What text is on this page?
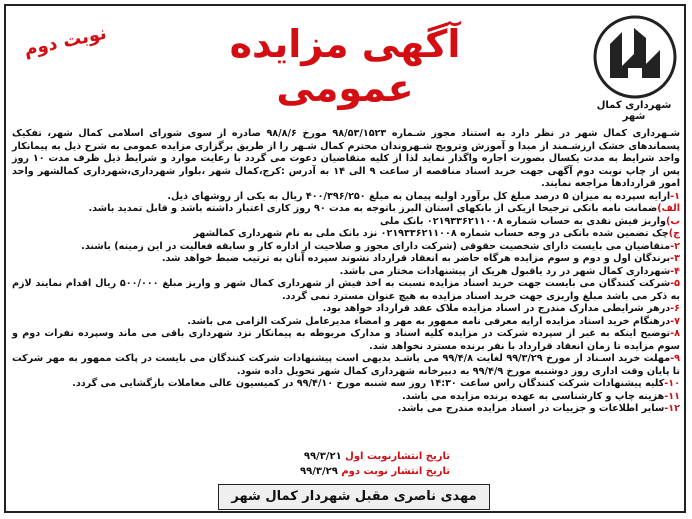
شهرداری کمال شهر
آگهی مزایده عمومی
نوبت دوم

شـهرداری کمال شهر در نظر دارد به استناد مجوز شـماره ۹۸/۵۳/۱۵۲۳ مورخ ۹۸/۸/۶ صادره از سوی شورای اسلامی کمال شهر، تفکیک پسماندهای خشک ارزشـمند از مبدا و آموزش وترویج شـهروندان محترم کمال شـهر را از طریق برگزاری مزایده عمومی به شرح ذیل به پیمانکار واجد شرایط به مدت یکسال بصورت اجاره واگذار نماید لذا از کلیه متقاضیان دعوت می گردد با رعایت موارد و شرایط ذیل ظرف مدت ۱۰ روز پس از چاپ نوبت دوم آگهی جهت خرید اسناد مناقصه از ساعت ۹ الی ۱۴ به آدرس :کرج،کمال شهر ،بلوار شهرداری،شهرداری کمالشهر واحد امور قراردادها مراجعه نمایند.

۱-ارایه سپرده به میزان ۵ درصد مبلغ کل برآورد اولیه پیمان به مبلغ ۴۰۰/۳۹۶/۲۵۰ ریال به یکی از روشهای ذیل.
الف)ضمانت نامه بانکی ترجیحا ازیکی از بانکهای استان البرز باتوجه به مدت ۹۰ روز کاری اعتبار داشته باشد و قابل تمدید باشد.
ب)واریز فیش نقدی به حساب شماره ۰۲۱۹۳۳۶۲۱۱۰۰۸ بانک ملی
ج)چک تضمین شده بانکی در وجه حساب شماره ۰۲۱۹۳۳۶۲۱۱۰۰۸ نزد بانک ملی به نام شهرداری کمالشهر
۲-متقاضیان می بایست دارای شخصیت حقوقی (شرکت دارای مجوز و صلاحیت از اداره کار و سابقه فعالیت در این زمینه) باشند.
۳-برندگان اول و دوم و سوم مزایده هرگاه حاضر به انعقاد قرارداد نشوند سپرده آنان به ترتیب ضبط خواهد شد.
۴-شهرداری کمال شهر در رد یاقبول هریک از پیشنهادات مختار می باشد.
۵-شرکت کنندگان می بایست جهت خرید اسناد مزایده نسبت به اخذ فیش از شهرداری کمال شهر و واریز مبلغ ۵۰۰/۰۰۰ ریال اقدام نمایند لازم به ذکر می باشد مبلغ واریزی جهت خرید اسناد مزایده به هیچ عنوان مسترد نمی گردد.
۶-درهر شرایطی مدارک مندرج در اسناد مزایده ملاک عقد قرارداد خواهد بود.
۷-درهنگام خرید اسناد مزایده ارایه معرفی نامه ممهور به مهر و امضاء مدیرعامل شرکت الزامی می باشد.
۸-توضیح اینکه به غیر از سپرده شرکت در مزایده کلیه اسناد و مدارک مربوطه به پیمانکار نزد شهرداری باقی می ماند وسپرده نفرات دوم و سوم مزایده تا زمان انعقاد قرارداد با نفر برنده مسترد نخواهد شد.
۹-مهلت خرید اسـناد از مورخ ۹۹/۳/۲۹ لغایت ۹۹/۴/۸ می باشـد بدیهی است پیشنهادات شرکت کنندگان می بایست در پاکت ممهور به مهر شرکت تا پایان وقت اداری روز دوشنبه مورخ ۹۹/۴/۹ به دبیرخانه شهرداری کمال شهر تحویل داده شود.
۱۰-کلیه پیشنهادات شرکت کنندگان راس ساعت ۱۴:۳۰ روز سه شنبه مورخ ۹۹/۴/۱۰ در کمیسیون عالی معاملات بازگشایی می گردد.
۱۱-هزینه چاپ و کارشناسی به عهده برنده مزایده می باشد.
۱۲-سایر اطلاعات و جزییات در اسناد مزایده مندرج می باشد.
تاریخ انتشارنوبت اول ۹۹/۳/۲۱
تاریخ انتشار نوبت دوم ۹۹/۳/۲۹
مهدی ناصری مقبل شهردار کمال شهر
